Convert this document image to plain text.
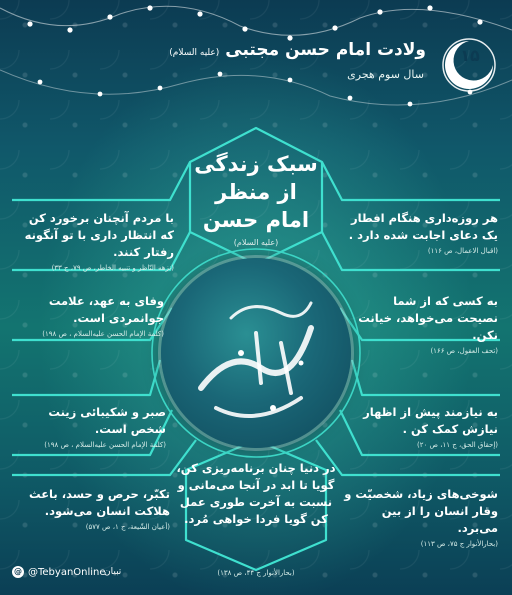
ولادت امام حسن مجتبی(علیه السلام)
سال سوم هجری
۱۵
سبک زندگی
از منظر
امام حسن
(علیه السلام)
هر روزه‌داری هنگام افطار یک دعای اجابت شده دارد .
(اقبال الاعمال، ص ۱۱۶)
با مردم آنچنان برخورد کن که انتظار داری با تو آنگونه رفتار کنند.
(نزهه النّاظر و تنبیه الخاطر، ص ۷۹، ح ۳۳)
به کسی که از شما نصیحت می‌خواهد، خیانت نکن.
(تحف العقول، ص ۱۶۶)
وفای به عهد، علامت جوانمردی است.
(کلمة الإمام الحسن علیه‌السلام ، ص ۱۹۸)
به نیازمند پیش از اظهار نیازش کمک کن .
(إحقاق الحق، ج ۱۱، ص ۲۰)
صبر و شکیبائی زینت شخص است.
(کلمة الإمام الحسن علیه‌السلام ، ص ۱۹۸)
شوخی‌های زیاد، شخصیّت و وقار انسان را از بین می‌برد.
(بحارالأنوار ج ۷۵، ص ۱۱۳)
تکبّر، حرص و حسد، باعث هلاکت انسان می‌شود.
(أعیان الشّیعة، ج ۱، ص ۵۷۷)
در دنیا چنان برنامه‌ریزی کن، گویا تا ابد در آنجا می‌مانی و نسبت به آخرت طوری عمل کن گویا فردا خواهی مُرد.
(بحارالأنوار ج ۴۴، ص ۱۳۸)
@ @TebyanOnline
تبیان
